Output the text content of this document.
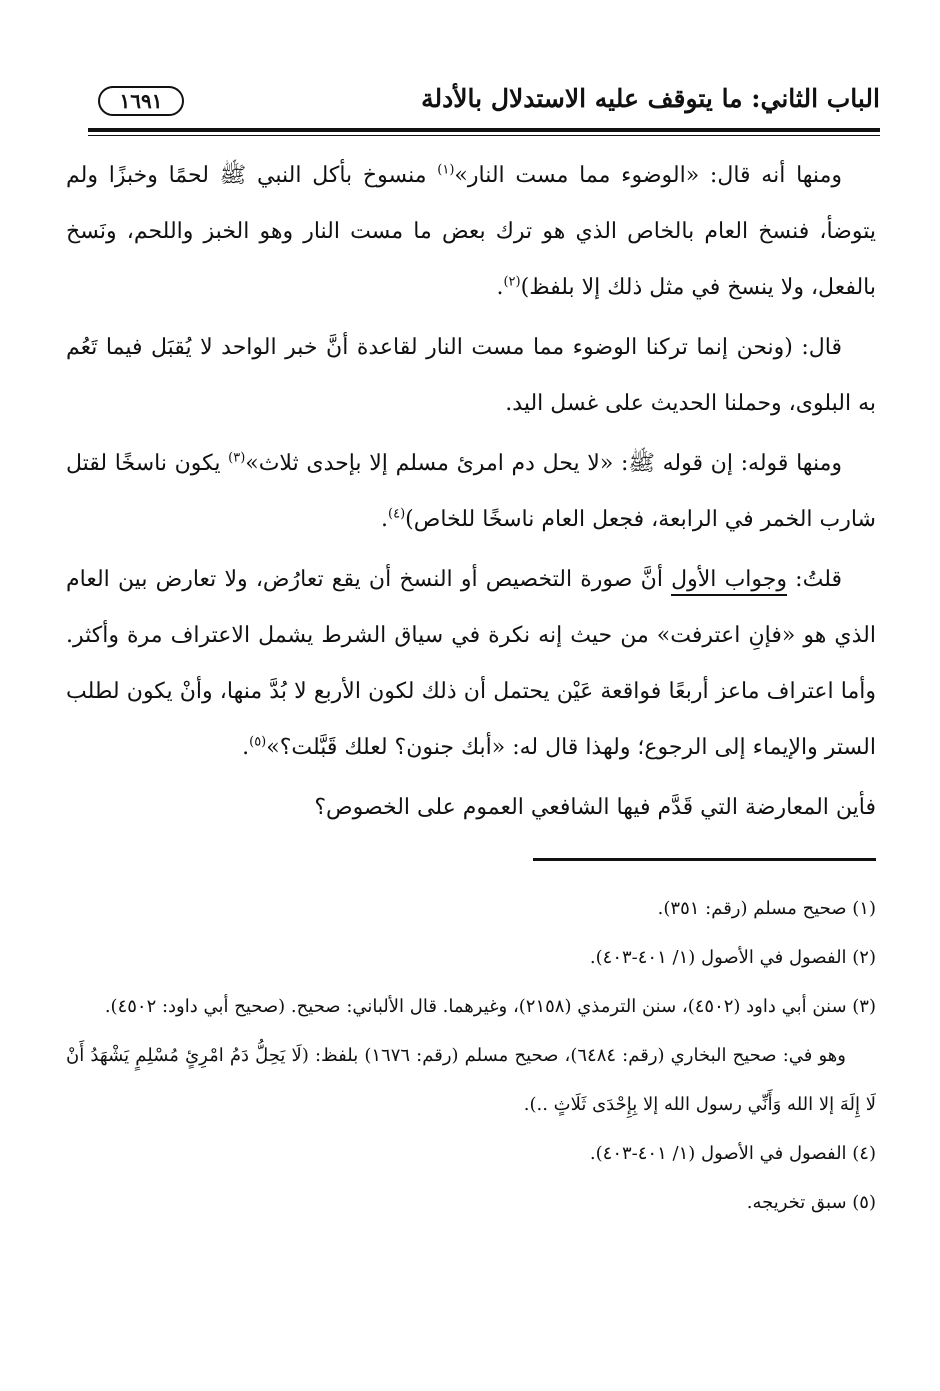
الباب الثاني: ما يتوقف عليه الاستدلال بالأدلة
١٦٩١

ومنها أنه قال: «الوضوء مما مست النار»$^{(١)}$ منسوخ بأكل النبي ﷺ لحمًا وخبزًا ولم يتوضأ، فنسخ العام بالخاص الذي هو ترك بعض ما مست النار وهو الخبز واللحم، ونَسخ بالفعل، ولا ينسخ في مثل ذلك إلا بلفظ)$^{(٢)}$.

قال: (ونحن إنما تركنا الوضوء مما مست النار لقاعدة أنَّ خبر الواحد لا يُقبَل فيما تَعُم به البلوى، وحملنا الحديث على غسل اليد.

ومنها قوله: إن قوله ﷺ: «لا يحل دم امرئ مسلم إلا بإحدى ثلاث»$^{(٣)}$ يكون ناسخًا لقتل شارب الخمر في الرابعة، فجعل العام ناسخًا للخاص)$^{(٤)}$.

قلتُ: وجواب الأول أنَّ صورة التخصيص أو النسخ أن يقع تعارُض، ولا تعارض بين العام الذي هو «فإنِ اعترفت» من حيث إنه نكرة في سياق الشرط يشمل الاعتراف مرة وأكثر. وأما اعتراف ماعز أربعًا فواقعة عَيْن يحتمل أن ذلك لكون الأربع لا بُدَّ منها، وأنْ يكون لطلب الستر والإيماء إلى الرجوع؛ ولهذا قال له: «أبك جنون؟ لعلك قَبَّلت؟»$^{(٥)}$.

فأين المعارضة التي قَدَّم فيها الشافعي العموم على الخصوص؟

(١) صحيح مسلم (رقم: ٣٥١).

(٢) الفصول في الأصول (١/ ٤٠١-٤٠٣).

(٣) سنن أبي داود (٤٥٠٢)، سنن الترمذي (٢١٥٨)، وغيرهما. قال الألباني: صحيح. (صحيح أبي داود: ٤٥٠٢).

وهو في: صحيح البخاري (رقم: ٦٤٨٤)، صحيح مسلم (رقم: ١٦٧٦) بلفظ: (لَا يَحِلُّ دَمُ امْرِئٍ مُسْلِمٍ يَشْهَدُ أَنْ لَا إِلَهَ إلا الله وَأَنِّي رسول الله إلا بِإِحْدَى ثَلَاثٍ ..).

(٤) الفصول في الأصول (١/ ٤٠١-٤٠٣).

(٥) سبق تخريجه.
